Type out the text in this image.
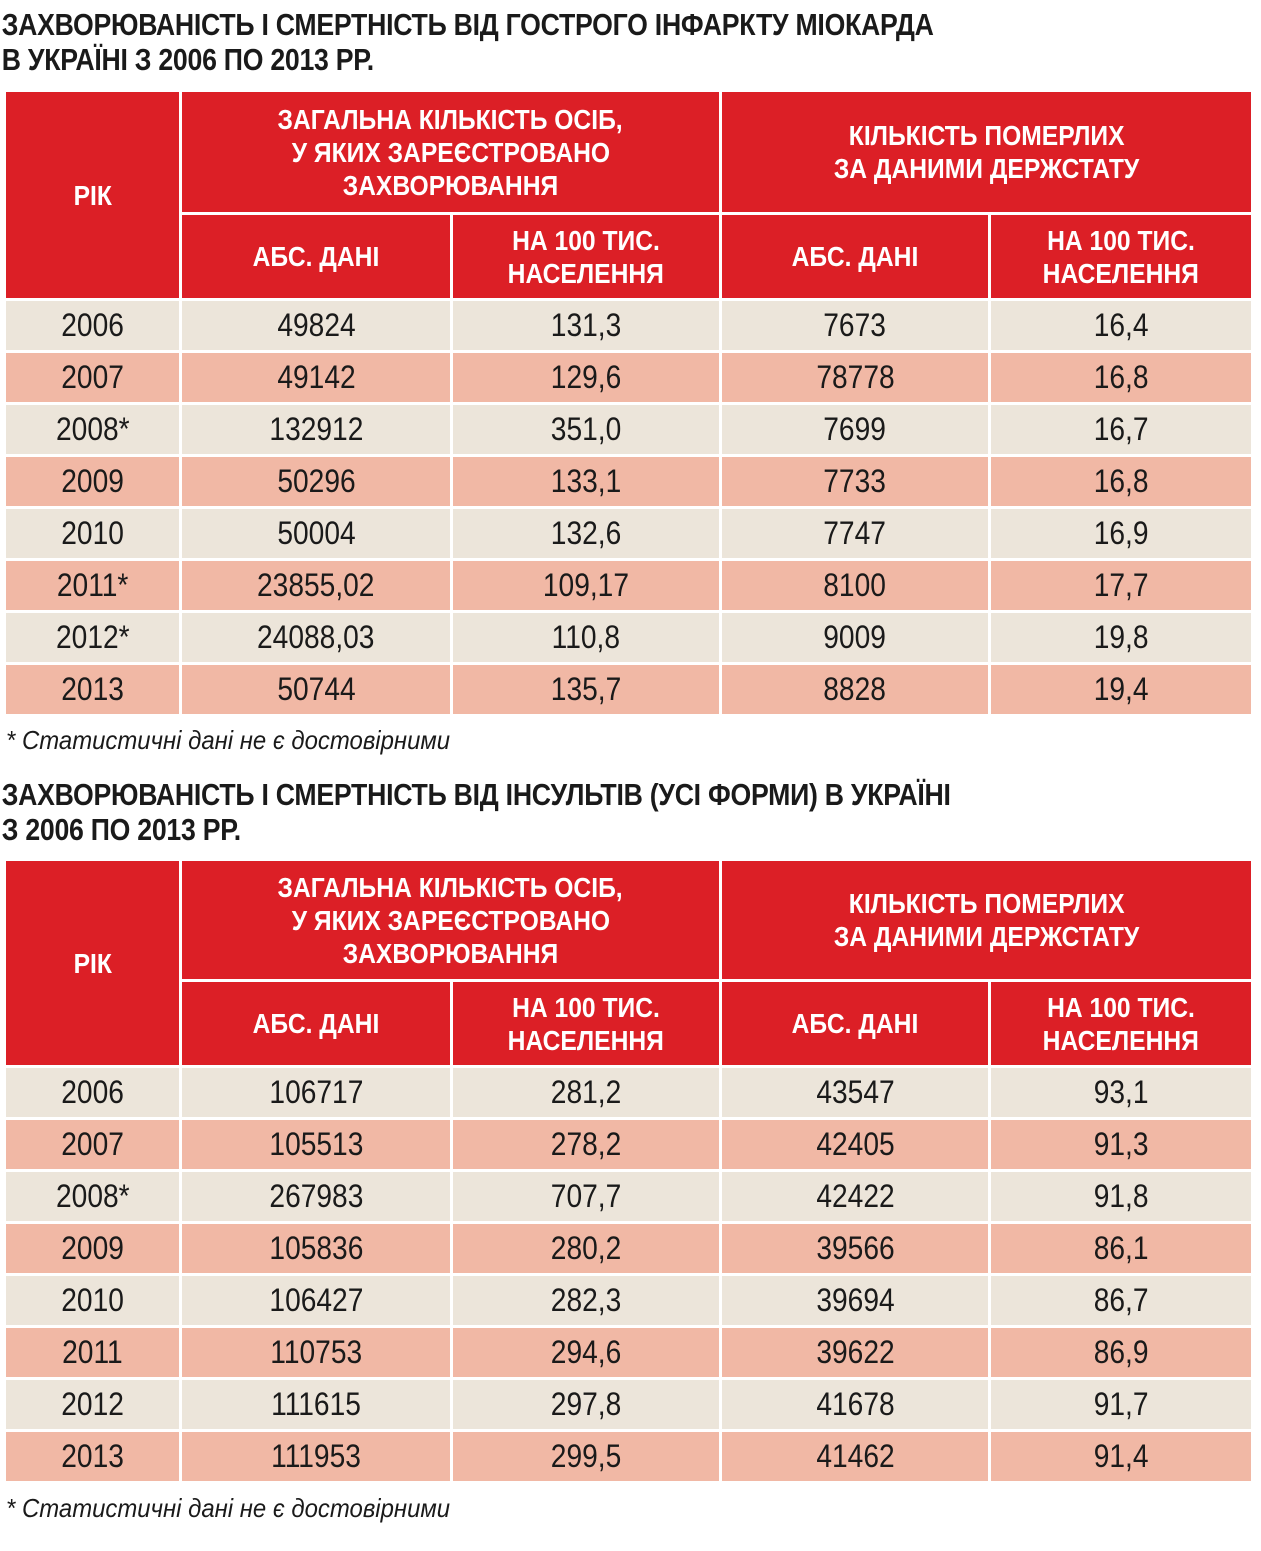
ЗАХВОРЮВАНІСТЬ І СМЕРТНІСТЬ ВІД ГОСТРОГО ІНФАРКТУ МІОКАРДА
В УКРАЇНІ З 2006 ПО 2013 РР.
РІК	ЗАГАЛЬНА КІЛЬКІСТЬ ОСІБ,
У ЯКИХ ЗАРЕЄСТРОВАНО
ЗАХВОРЮВАННЯ		КІЛЬКІСТЬ ПОМЕРЛИХ
ЗА ДАНИМИ ДЕРЖСТАТУ	
	АБС. ДАНІ	НА 100 ТИС.
НАСЕЛЕННЯ	АБС. ДАНІ	НА 100 ТИС.
НАСЕЛЕННЯ
2006	49824	131,3	7673	16,4
2007	49142	129,6	78778	16,8
2008*	132912	351,0	7699	16,7
2009	50296	133,1	7733	16,8
2010	50004	132,6	7747	16,9
2011*	23855,02	109,17	8100	17,7
2012*	24088,03	110,8	9009	19,8
2013	50744	135,7	8828	19,4
* Статистичні дані не є достовірними
ЗАХВОРЮВАНІСТЬ І СМЕРТНІСТЬ ВІД ІНСУЛЬТІВ (УСІ ФОРМИ) В УКРАЇНІ
З 2006 ПО 2013 РР.
РІК	ЗАГАЛЬНА КІЛЬКІСТЬ ОСІБ,
У ЯКИХ ЗАРЕЄСТРОВАНО
ЗАХВОРЮВАННЯ		КІЛЬКІСТЬ ПОМЕРЛИХ
ЗА ДАНИМИ ДЕРЖСТАТУ	
	АБС. ДАНІ	НА 100 ТИС.
НАСЕЛЕННЯ	АБС. ДАНІ	НА 100 ТИС.
НАСЕЛЕННЯ
2006	106717	281,2	43547	93,1
2007	105513	278,2	42405	91,3
2008*	267983	707,7	42422	91,8
2009	105836	280,2	39566	86,1
2010	106427	282,3	39694	86,7
2011	110753	294,6	39622	86,9
2012	111615	297,8	41678	91,7
2013	111953	299,5	41462	91,4
* Статистичні дані не є достовірними
